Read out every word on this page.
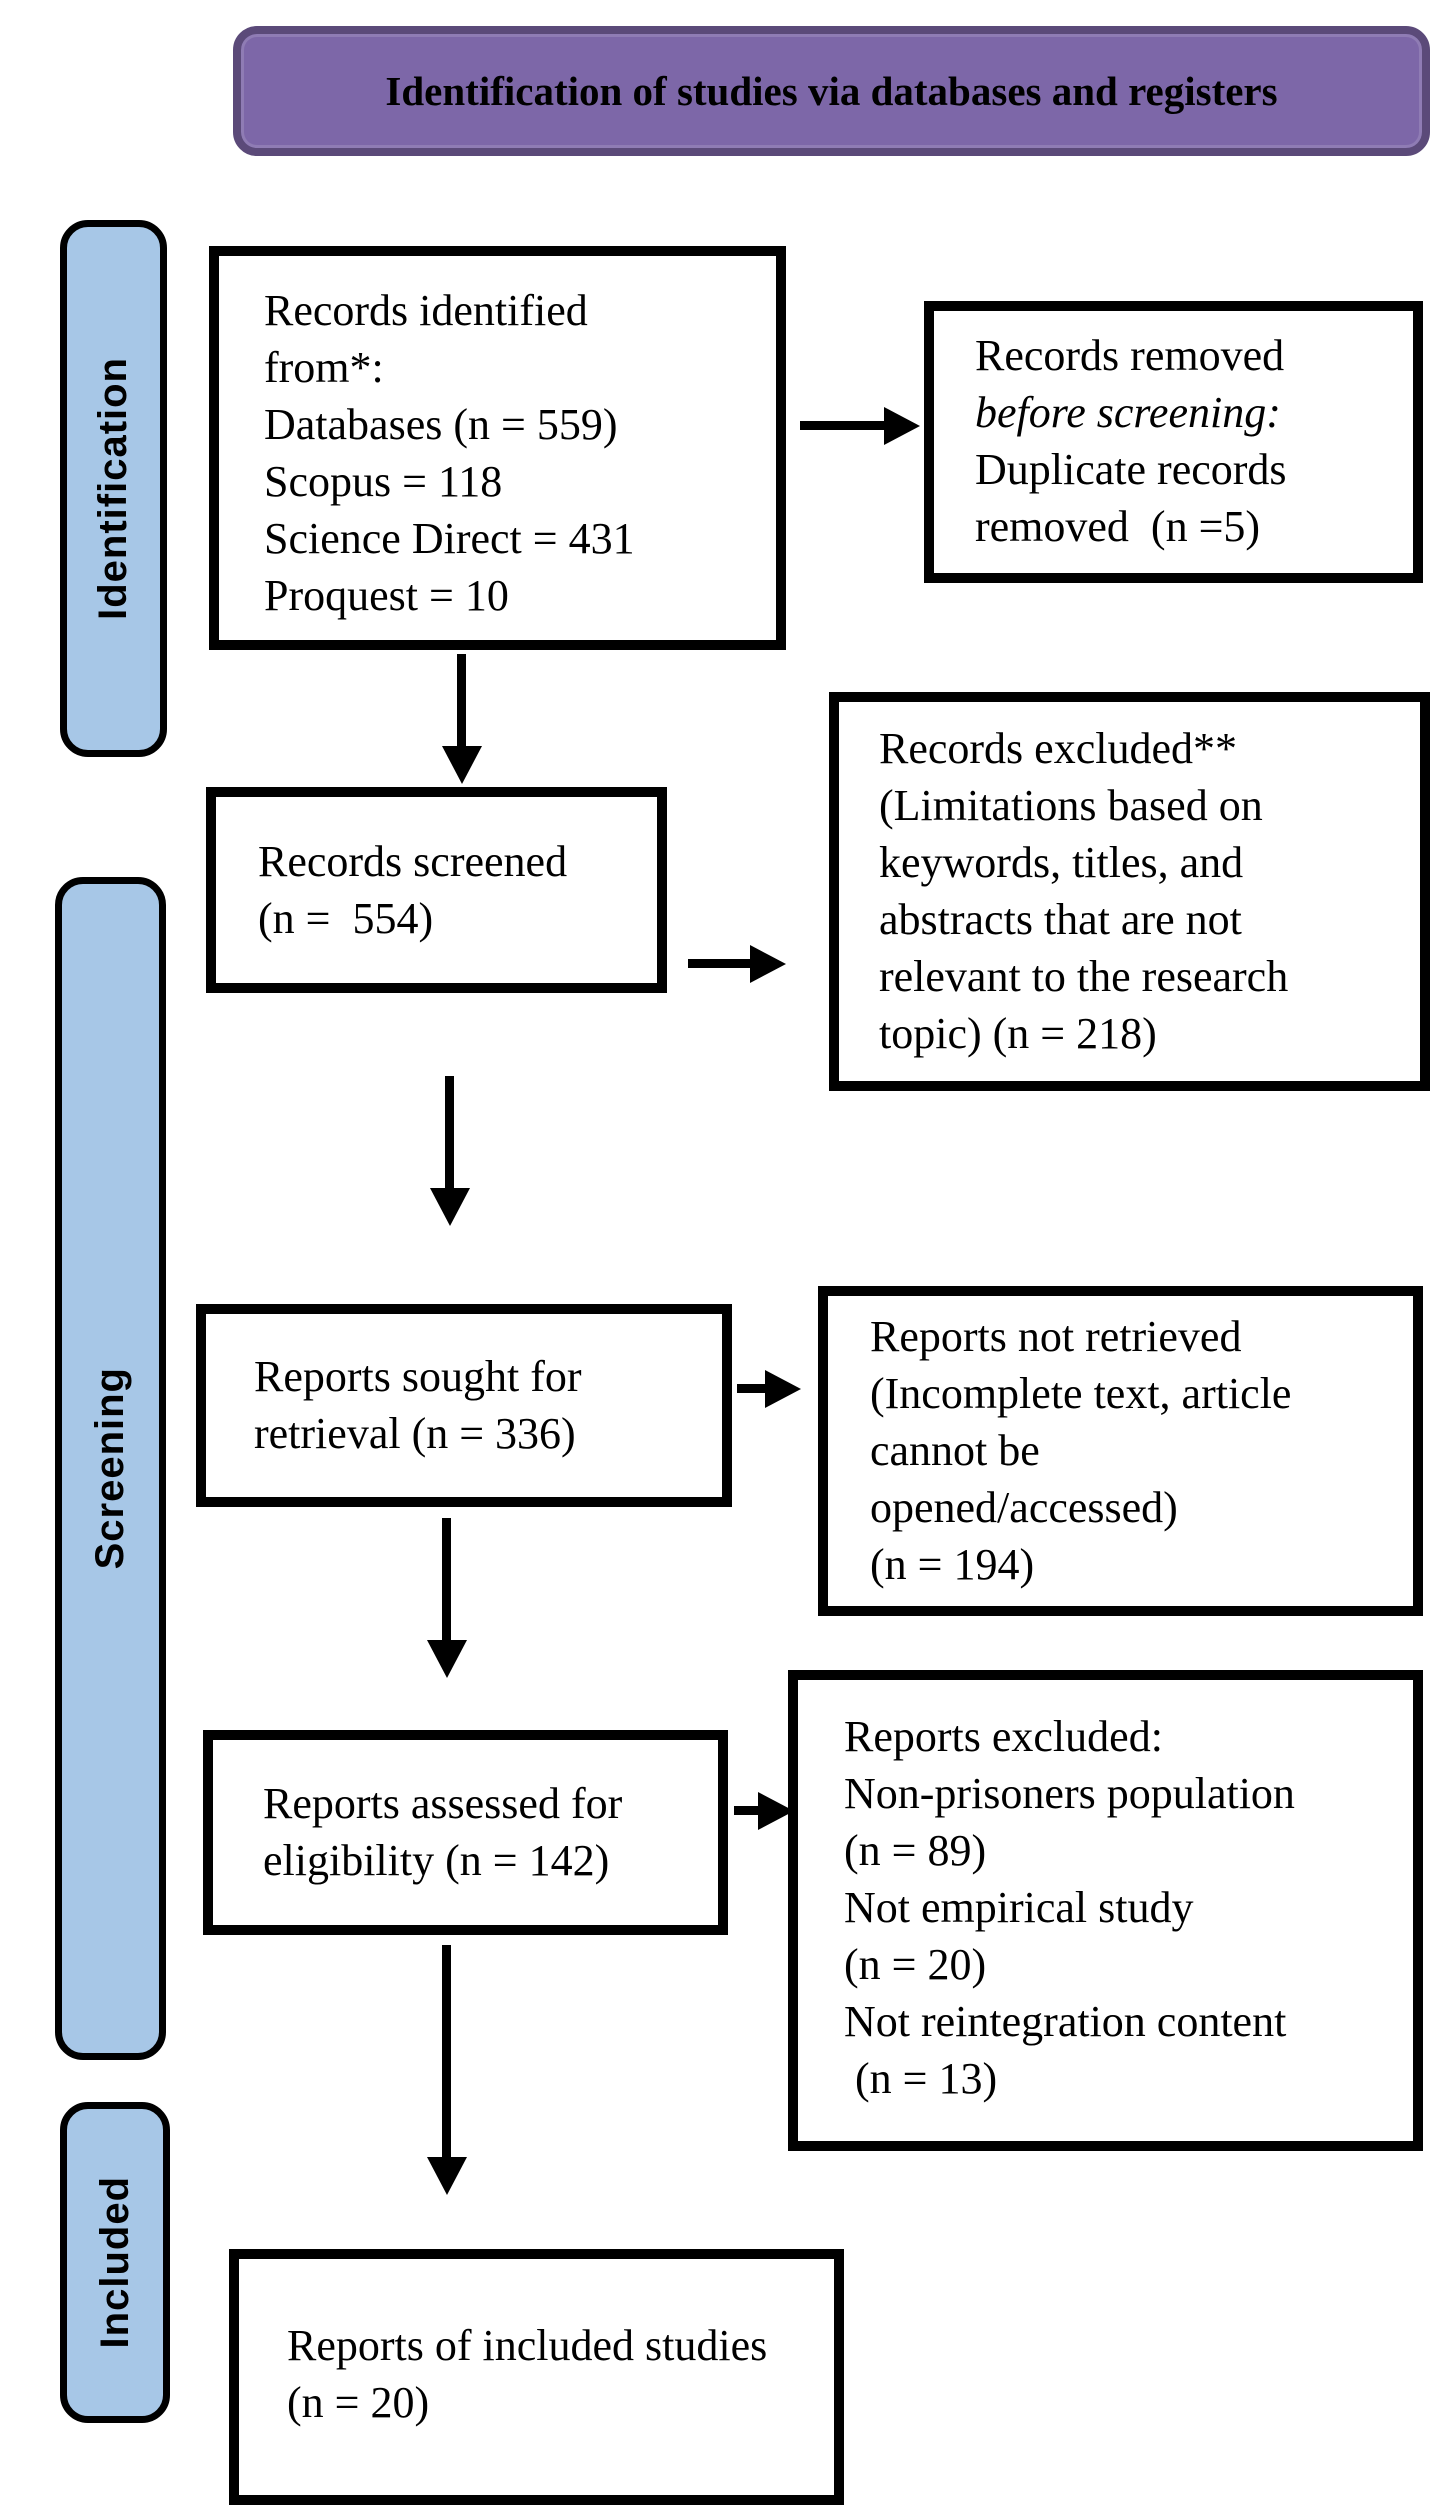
Identification of studies via databases and registers
Identification
Screening
Included
Records identified
from*:
Databases (n = 559)
Scopus = 118
Science Direct = 431
Proquest = 10
Records removed
before screening:
Duplicate records
removed  (n =5)
Records screened
(n =  554)
Records excluded**
(Limitations based on
keywords, titles, and
abstracts that are not
relevant to the research
topic) (n = 218)
Reports sought for
retrieval (n = 336)
Reports not retrieved
(Incomplete text, article
cannot be
opened/accessed)
(n = 194)
Reports assessed for
eligibility (n = 142)
Reports excluded:
Non-prisoners population
(n = 89)
Not empirical study
(n = 20)
Not reintegration content
(n = 13)
Reports of included studies
(n = 20)
